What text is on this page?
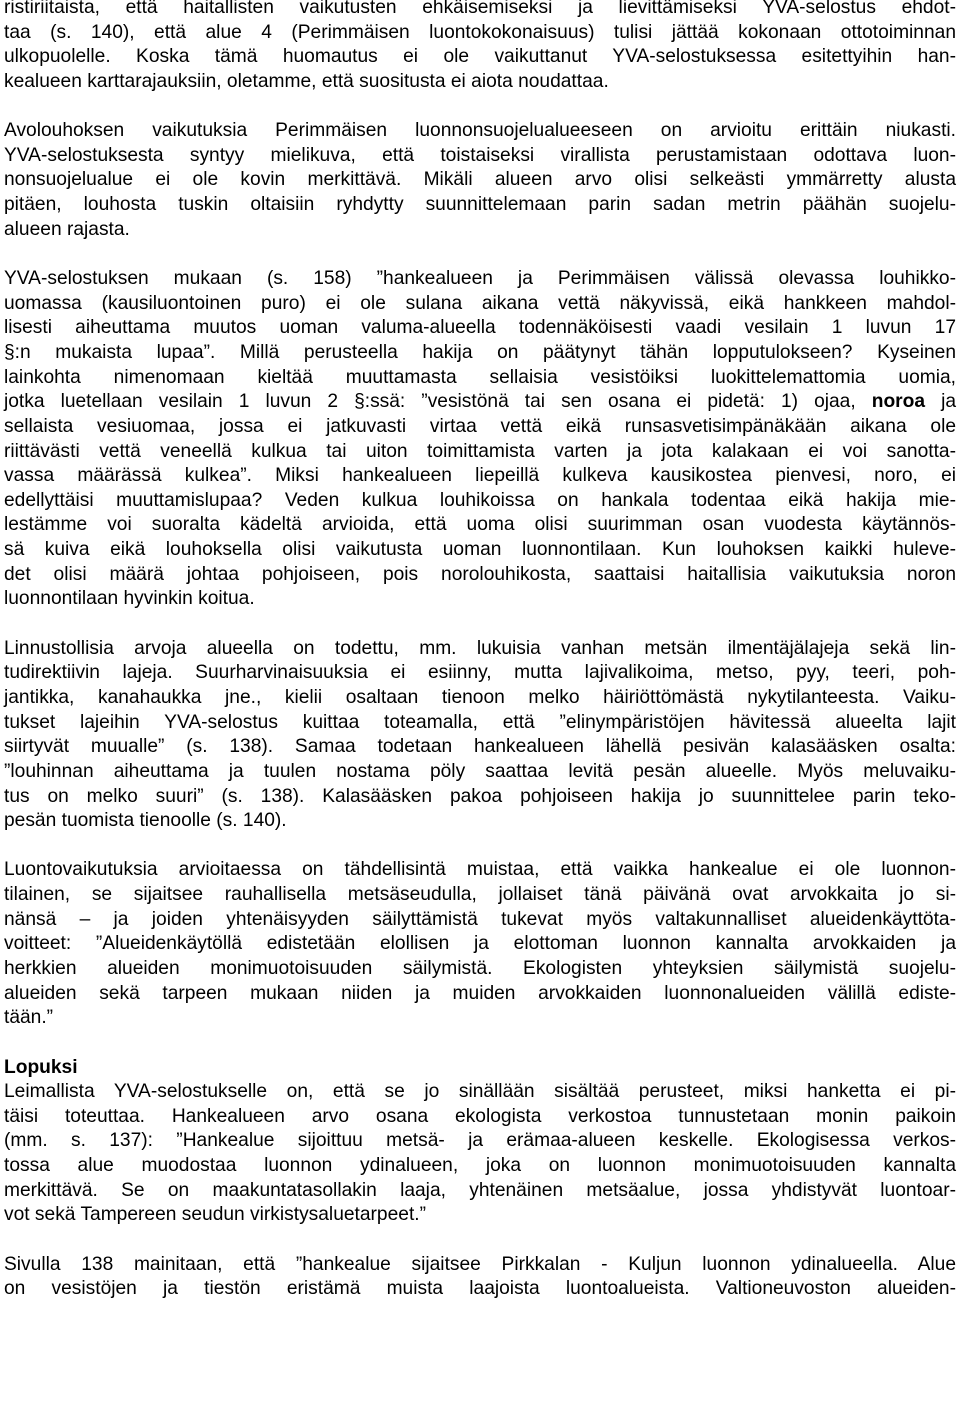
ristiriitaista, että haitallisten vaikutusten ehkäisemiseksi ja lievittämiseksi YVA-selostus ehdot-
taa (s. 140), että alue 4 (Perimmäisen luontokokonaisuus) tulisi jättää kokonaan ottotoiminnan
ulkopuolelle. Koska tämä huomautus ei ole vaikuttanut YVA-selostuksessa esitettyihin han-
kealueen karttarajauksiin, oletamme, että suositusta ei aiota noudattaa.
Avolouhoksen vaikutuksia Perimmäisen luonnonsuojelualueeseen on arvioitu erittäin niukasti.
YVA-selostuksesta syntyy mielikuva, että toistaiseksi virallista perustamistaan odottava luon-
nonsuojelualue ei ole kovin merkittävä. Mikäli alueen arvo olisi selkeästi ymmärretty alusta
pitäen, louhosta tuskin oltaisiin ryhdytty suunnittelemaan parin sadan metrin päähän suojelu-
alueen rajasta.
YVA-selostuksen mukaan (s. 158) ”hankealueen ja Perimmäisen välissä olevassa louhikko-
uomassa (kausiluontoinen puro) ei ole sulana aikana vettä näkyvissä, eikä hankkeen mahdol-
lisesti aiheuttama muutos uoman valuma-alueella todennäköisesti vaadi vesilain 1 luvun 17
§:n mukaista lupaa”. Millä perusteella hakija on päätynyt tähän lopputulokseen? Kyseinen
lainkohta nimenomaan kieltää muuttamasta sellaisia vesistöiksi luokittelemattomia uomia,
jotka luetellaan vesilain 1 luvun 2 §:ssä: ”vesistönä tai sen osana ei pidetä: 1) ojaa, noroa ja
sellaista vesiuomaa, jossa ei jatkuvasti virtaa vettä eikä runsasvetisimpänäkään aikana ole
riittävästi vettä veneellä kulkua tai uiton toimittamista varten ja jota kalakaan ei voi sanotta-
vassa määrässä kulkea”. Miksi hankealueen liepeillä kulkeva kausikostea pienvesi, noro, ei
edellyttäisi muuttamislupaa? Veden kulkua louhikoissa on hankala todentaa eikä hakija mie-
lestämme voi suoralta kädeltä arvioida, että uoma olisi suurimman osan vuodesta käytännös-
sä kuiva eikä louhoksella olisi vaikutusta uoman luonnontilaan. Kun louhoksen kaikki huleve-
det olisi määrä johtaa pohjoiseen, pois norolouhikosta, saattaisi haitallisia vaikutuksia noron
luonnontilaan hyvinkin koitua.
Linnustollisia arvoja alueella on todettu, mm. lukuisia vanhan metsän ilmentäjälajeja sekä lin-
tudirektiivin lajeja. Suurharvinaisuuksia ei esiinny, mutta lajivalikoima, metso, pyy, teeri, poh-
jantikka, kanahaukka jne., kielii osaltaan tienoon melko häiriöttömästä nykytilanteesta. Vaiku-
tukset lajeihin YVA-selostus kuittaa toteamalla, että ”elinympäristöjen hävitessä alueelta lajit
siirtyvät muualle” (s. 138). Samaa todetaan hankealueen lähellä pesivän kalasääsken osalta:
”louhinnan aiheuttama ja tuulen nostama pöly saattaa levitä pesän alueelle. Myös meluvaiku-
tus on melko suuri” (s. 138). Kalasääsken pakoa pohjoiseen hakija jo suunnittelee parin teko-
pesän tuomista tienoolle (s. 140).
Luontovaikutuksia arvioitaessa on tähdellisintä muistaa, että vaikka hankealue ei ole luonnon-
tilainen, se sijaitsee rauhallisella metsäseudulla, jollaiset tänä päivänä ovat arvokkaita jo si-
nänsä – ja joiden yhtenäisyyden säilyttämistä tukevat myös valtakunnalliset alueidenkäyttöta-
voitteet: ”Alueidenkäytöllä edistetään elollisen ja elottoman luonnon kannalta arvokkaiden ja
herkkien alueiden monimuotoisuuden säilymistä. Ekologisten yhteyksien säilymistä suojelu-
alueiden sekä tarpeen mukaan niiden ja muiden arvokkaiden luonnonalueiden välillä ediste-
tään.”
Lopuksi
Leimallista YVA-selostukselle on, että se jo sinällään sisältää perusteet, miksi hanketta ei pi-
täisi toteuttaa. Hankealueen arvo osana ekologista verkostoa tunnustetaan monin paikoin
(mm. s. 137): ”Hankealue sijoittuu metsä- ja erämaa-alueen keskelle. Ekologisessa verkos-
tossa alue muodostaa luonnon ydinalueen, joka on luonnon monimuotoisuuden kannalta
merkittävä. Se on maakuntatasollakin laaja, yhtenäinen metsäalue, jossa yhdistyvät luontoar-
vot sekä Tampereen seudun virkistysaluetarpeet.”
Sivulla 138 mainitaan, että ”hankealue sijaitsee Pirkkalan - Kuljun luonnon ydinalueella. Alue
on vesistöjen ja tiestön eristämä muista laajoista luontoalueista. Valtioneuvoston alueiden-
